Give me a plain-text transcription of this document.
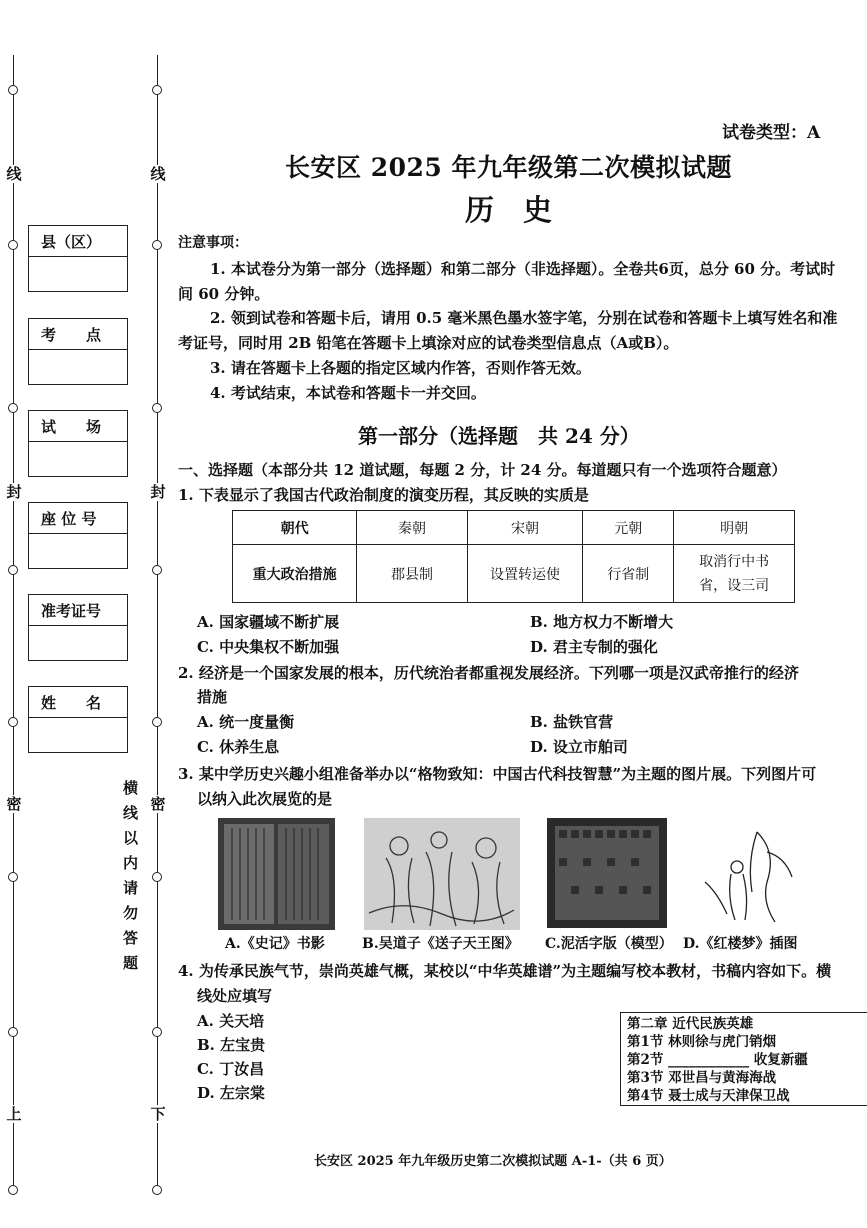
线
封
密
上
线
封
密
下
县（区）
考　　点
试　　场
座 位 号
准考证号
姓　　名
横线以内请勿答题

试卷类型：A

长安区 2025 年九年级第二次模拟试题

历　史

注意事项：

1. 本试卷分为第一部分（选择题）和第二部分（非选择题）。全卷共6页，总分 60 分。考试时

间 60 分钟。

2. 领到试卷和答题卡后，请用 0.5 毫米黑色墨水签字笔，分别在试卷和答题卡上填写姓名和准

考证号，同时用 2B 铅笔在答题卡上填涂对应的试卷类型信息点（A或B）。

3. 请在答题卡上各题的指定区域内作答，否则作答无效。

4. 考试结束，本试卷和答题卡一并交回。

第一部分（选择题　共 24 分）

一、选择题（本部分共 12 道试题，每题 2 分，计 24 分。每道题只有一个选项符合题意）

1. 下表显示了我国古代政治制度的演变历程，其反映的实质是

朝代	秦朝	宋朝	元朝	明朝
重大政治措施	郡县制	设置转运使	行省制	取消行中书
省，设三司

A. 国家疆域不断扩展	B. 地方权力不断增大

C. 中央集权不断加强	D. 君主专制的强化

2. 经济是一个国家发展的根本，历代统治者都重视发展经济。下列哪一项是汉武帝推行的经济

措施

A. 统一度量衡	B. 盐铁官营

C. 休养生息	D. 设立市舶司

3. 某中学历史兴趣小组准备举办以“格物致知：中国古代科技智慧”为主题的图片展。下列图片可

以纳入此次展览的是

A.《史记》书影	B.吴道子《送子天王图》 C.泥活字版（模型） D.《红楼梦》插图

4. 为传承民族气节，崇尚英雄气概，某校以“中华英雄谱”为主题编写校本教材，书稿内容如下。横

线处应填写

A. 关天培

B. 左宝贵

C. 丁汝昌

D. 左宗棠

第二章 近代民族英雄
第1节 林则徐与虎门销烟
第2节 ____________ 收复新疆
第3节 邓世昌与黄海海战
第4节 聂士成与天津保卫战

长安区 2025 年九年级历史第二次模拟试题 A-1-（共 6 页）
